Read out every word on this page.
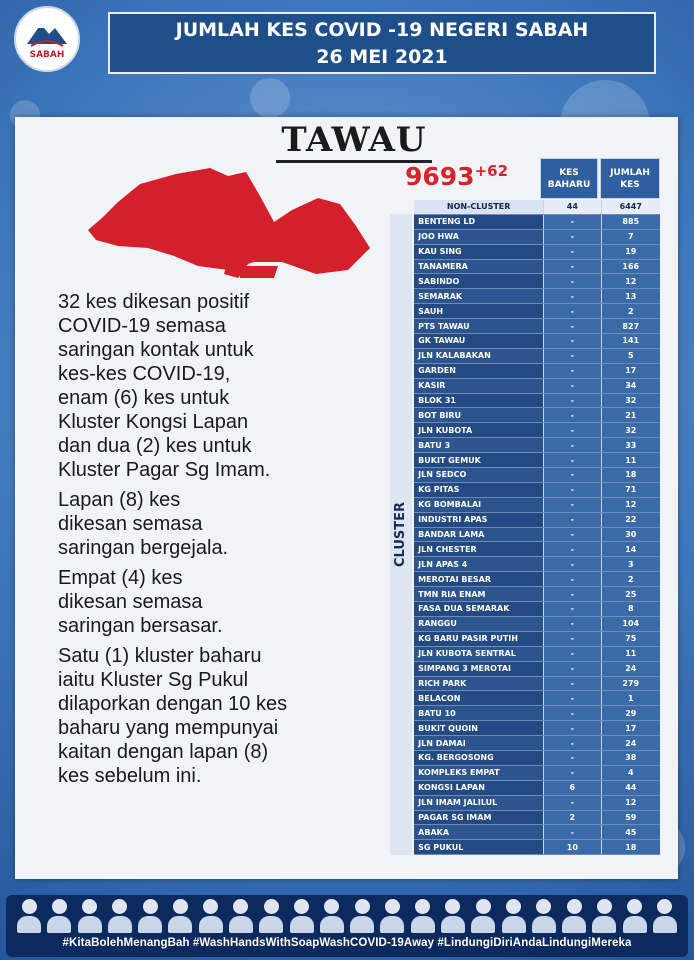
SABAH
JUMLAH KES COVID -19 NEGERI SABAH
26 MEI 2021
TAWAU
$9693^{+62}$

32 kes dikesan positif
COVID-19 semasa
saringan kontak untuk
kes-kes COVID-19,
enam (6) kes untuk
Kluster Kongsi Lapan
dan dua (2) kes untuk
Kluster Pagar Sg Imam.

Lapan (8) kes
dikesan semasa
saringan bergejala.

Empat (4) kes
dikesan semasa
saringan bersasar.

Satu (1) kluster baharu
iaitu Kluster Sg Pukul
dilaporkan dengan 10 kes
baharu yang mempunyai
kaitan dengan lapan (8)
kes sebelum ini.

KES BAHARU
JUMLAH KES
	NON-CLUSTER	44	6447
	BENTENG LD	-	885
	JOO HWA	-	7
	KAU SING	-	19
	TANAMERA	-	166
	SABINDO	-	12
	SEMARAK	-	13
	SAUH	-	2
	PTS TAWAU	-	827
	GK TAWAU	-	141
	JLN KALABAKAN	-	5
	GARDEN	-	17
	KASIR	-	34
	BLOK 31	-	32
	BOT BIRU	-	21
	JLN KUBOTA	-	32
	BATU 3	-	33
	BUKIT GEMUK	-	11
	JLN SEDCO	-	18
	KG PITAS	-	71
	KG BOMBALAI	-	12
	INDUSTRI APAS	-	22
	BANDAR LAMA	-	30
	JLN CHESTER	-	14
	JLN APAS 4	-	3
	MEROTAI BESAR	-	2
	TMN RIA ENAM	-	25
	FASA DUA SEMARAK	-	8
	RANGGU	-	104
	KG BARU PASIR PUTIH	-	75
	JLN KUBOTA SENTRAL	-	11
	SIMPANG 3 MEROTAI	-	24
	RICH PARK	-	279
	BELACON	-	1
	BATU 10	-	29
	BUKIT QUOIN	-	17
	JLN DAMAI	-	24
	KG. BERGOSONG	-	38
	KOMPLEKS EMPAT	-	4
	KONGSI LAPAN	6	44
	JLN IMAM JALILUL	-	12
	PAGAR SG IMAM	2	59
	ABAKA	-	45
	SG PUKUL	10	18
CLUSTER
#KitaBolehMenangBah #WashHandsWithSoapWashCOVID-19Away #LindungiDiriAndaLindungiMereka
